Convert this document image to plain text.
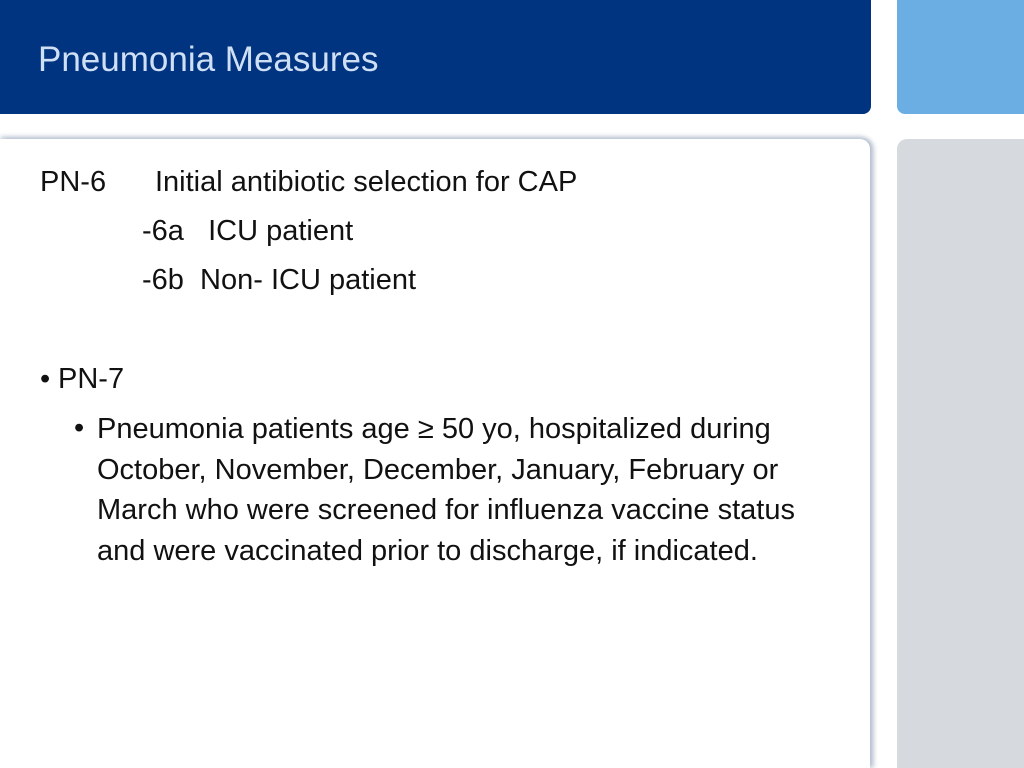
Pneumonia Measures
PN-6 Initial antibiotic selection for CAP
-6a   ICU patient
-6b  Non- ICU patient
• PN-7
• Pneumonia patients age ≥ 50 yo, hospitalized during October, November, December, January, February or March who were screened for influenza vaccine status and were vaccinated prior to discharge, if indicated.
